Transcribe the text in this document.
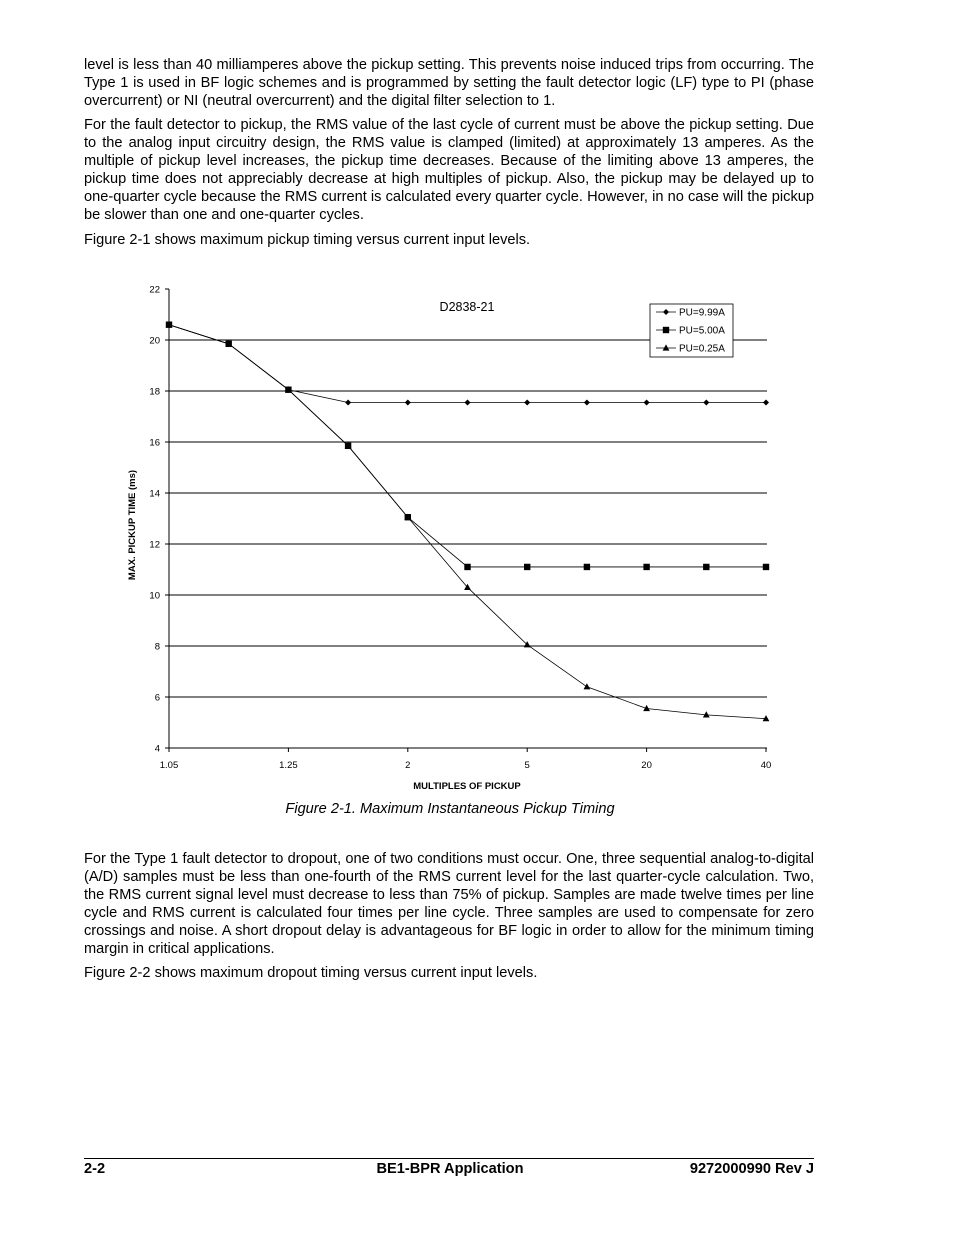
level is less than 40 milliamperes above the pickup setting. This prevents noise induced trips from occurring. The Type 1 is used in BF logic schemes and is programmed by setting the fault detector logic (LF) type to PI (phase overcurrent) or NI (neutral overcurrent) and the digital filter selection to 1.

For the fault detector to pickup, the RMS value of the last cycle of current must be above the pickup setting. Due to the analog input circuitry design, the RMS value is clamped (limited) at approximately 13 amperes. As the multiple of pickup level increases, the pickup time decreases. Because of the limiting above 13 amperes, the pickup time does not appreciably decrease at high multiples of pickup. Also, the pickup may be delayed up to one-quarter cycle because the RMS current is calculated every quarter cycle. However, in no case will the pickup be slower than one and one-quarter cycles.

Figure 2-1 shows maximum pickup timing versus current input levels.

4
6
8
10
12
14
16
18
20
22
1.05	1.25	2	5	20	40
D2838-21
MULTIPLES OF PICKUP
MAX. PICKUP TIME (ms)
PU=9.99A
PU=5.00A
PU=0.25A
Figure 2-1. Maximum Instantaneous Pickup Timing

For the Type 1 fault detector to dropout, one of two conditions must occur. One, three sequential analog-to-digital (A/D) samples must be less than one-fourth of the RMS current level for the last quarter-cycle calculation. Two, the RMS current signal level must decrease to less than 75% of pickup. Samples are made twelve times per line cycle and RMS current is calculated four times per line cycle. Three samples are used to compensate for zero crossings and noise. A short dropout delay is advantageous for BF logic in order to allow for the minimum timing margin in critical applications.

Figure 2-2 shows maximum dropout timing versus current input levels.

2-2	BE1-BPR Application	9272000990 Rev J
